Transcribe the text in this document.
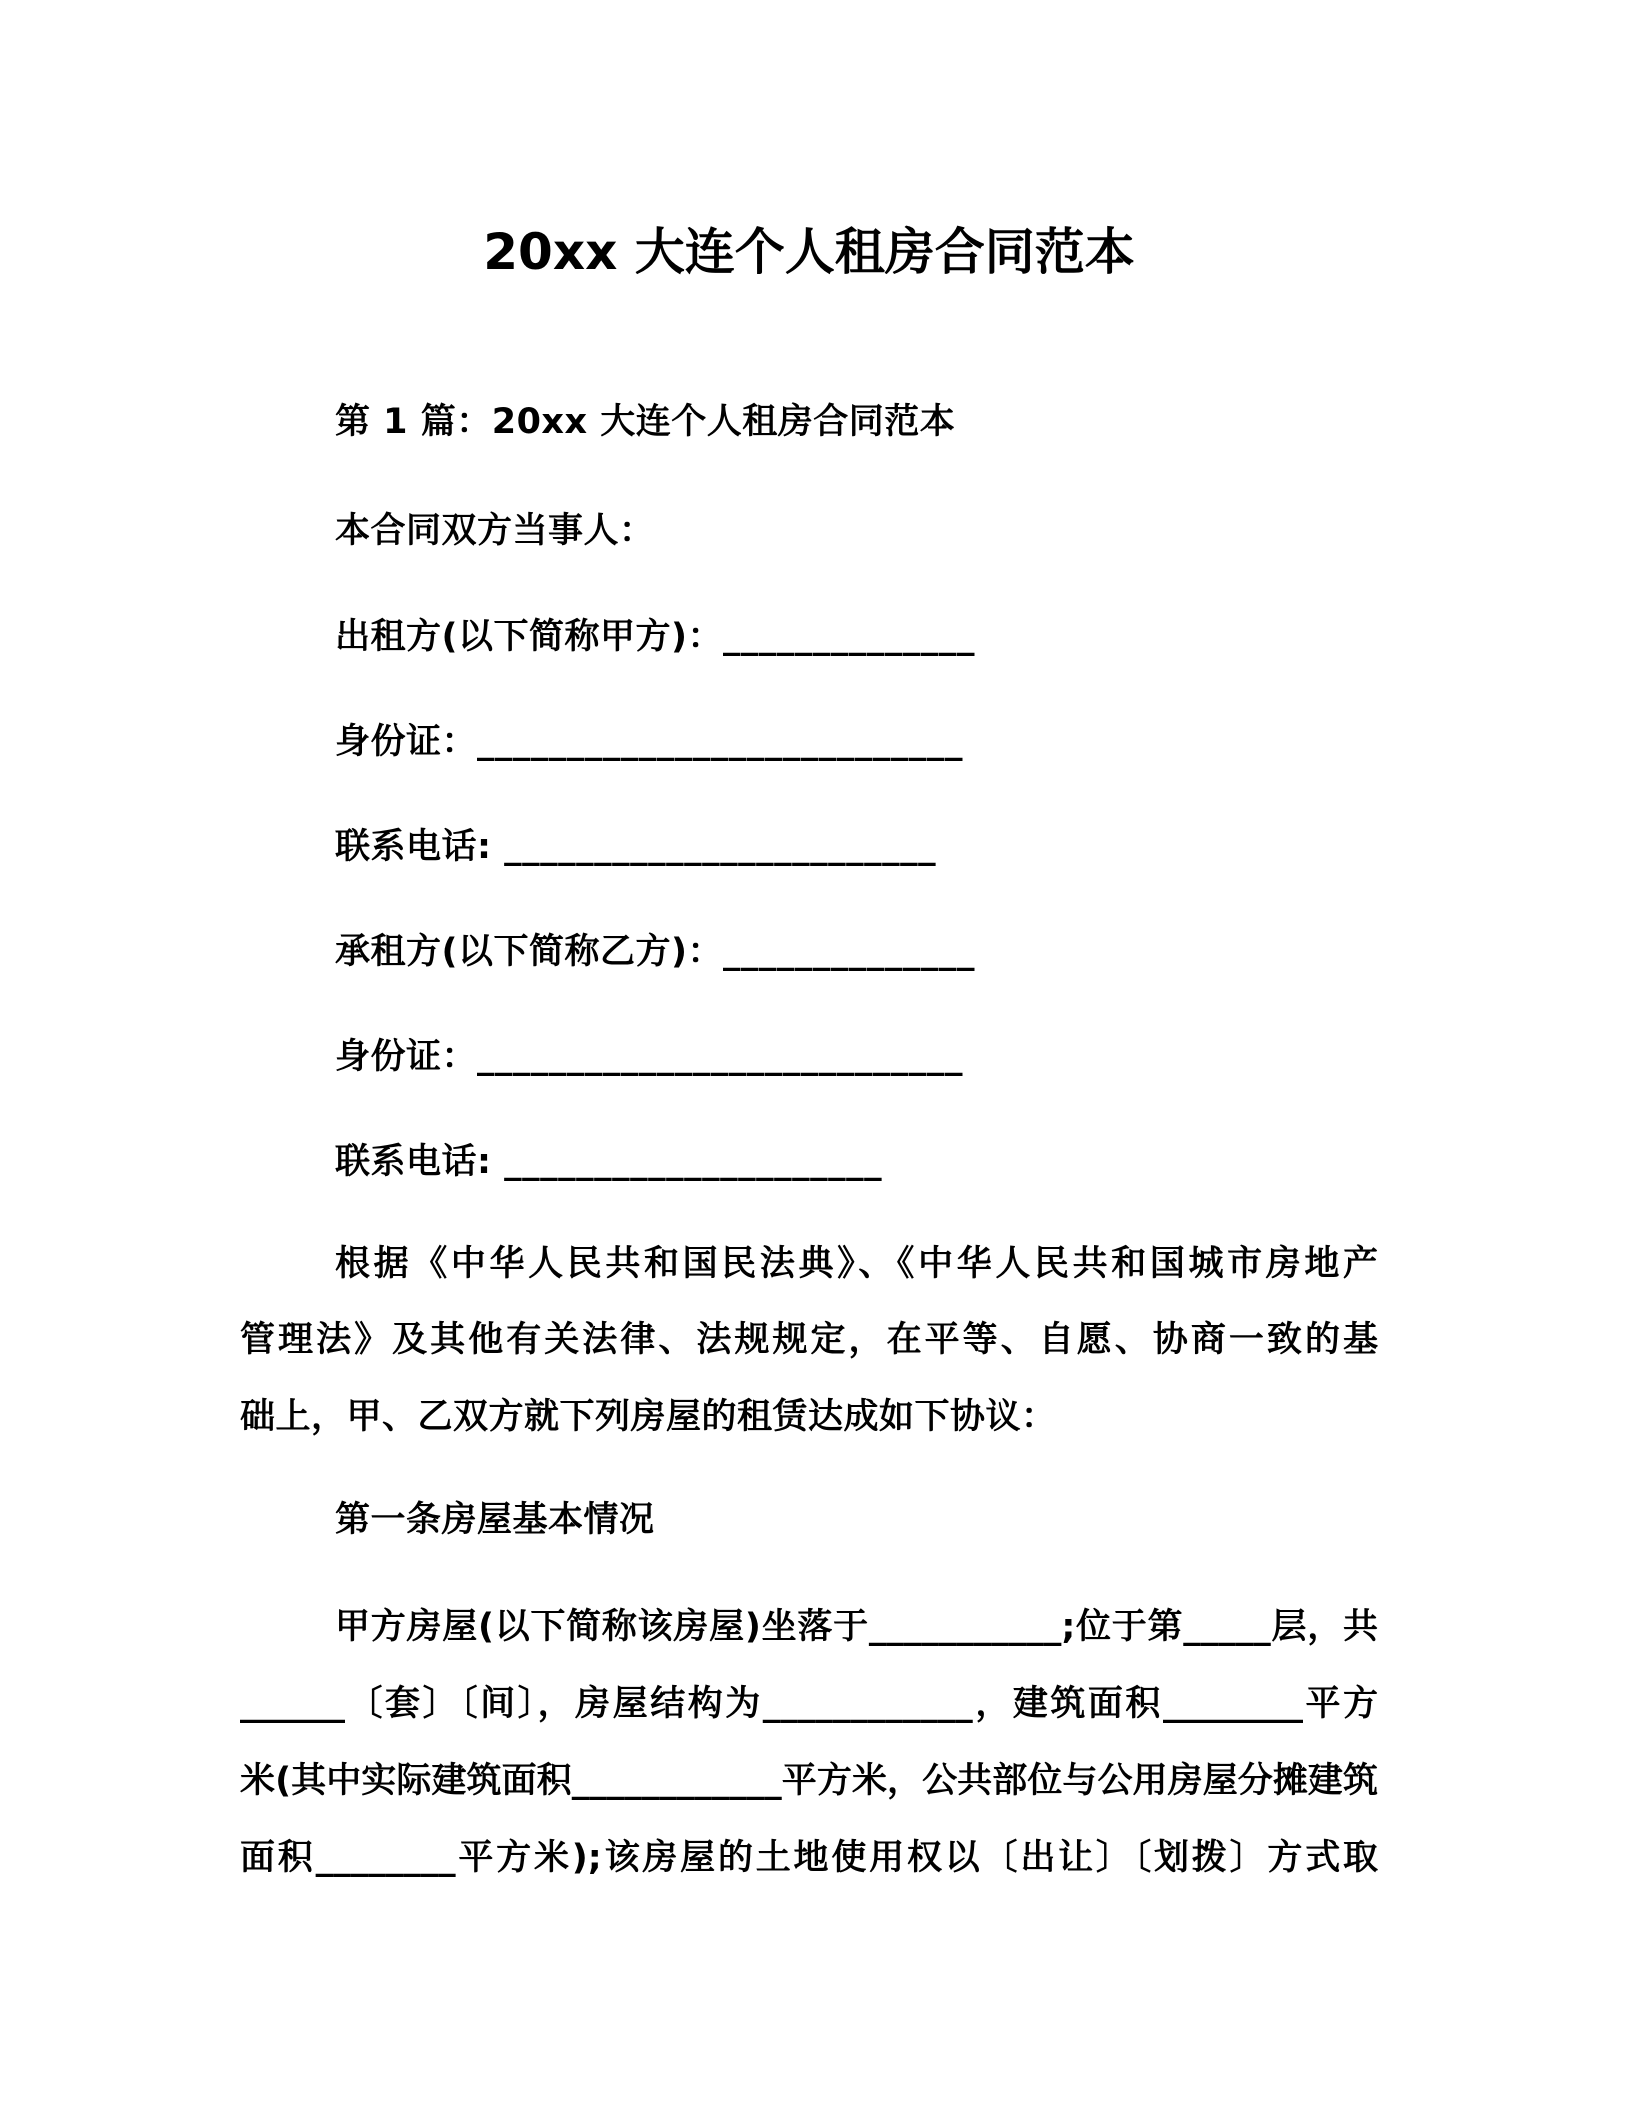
20xx 大连个人租房合同范本
第 1 篇：20xx 大连个人租房合同范本
本合同双方当事人：
出租方(以下简称甲方)：______________
身份证：___________________________
联系电话: ________________________
承租方(以下简称乙方)：______________
身份证：___________________________
联系电话: _____________________
根据《中华人民共和国民法典》、《中华人民共和国城市房地产
管理法》及其他有关法律、法规规定，在平等、自愿、协商一致的基
础上，甲、乙双方就下列房屋的租赁达成如下协议：
第一条房屋基本情况
甲方房屋(以下简称该房屋)坐落于___________;位于第_____层，共
______〔套〕〔间〕，房屋结构为____________，建筑面积________平方
米(其中实际建筑面积____________平方米，公共部位与公用房屋分摊建筑
面积________平方米);该房屋的土地使用权以〔出让〕〔划拨〕方式取
